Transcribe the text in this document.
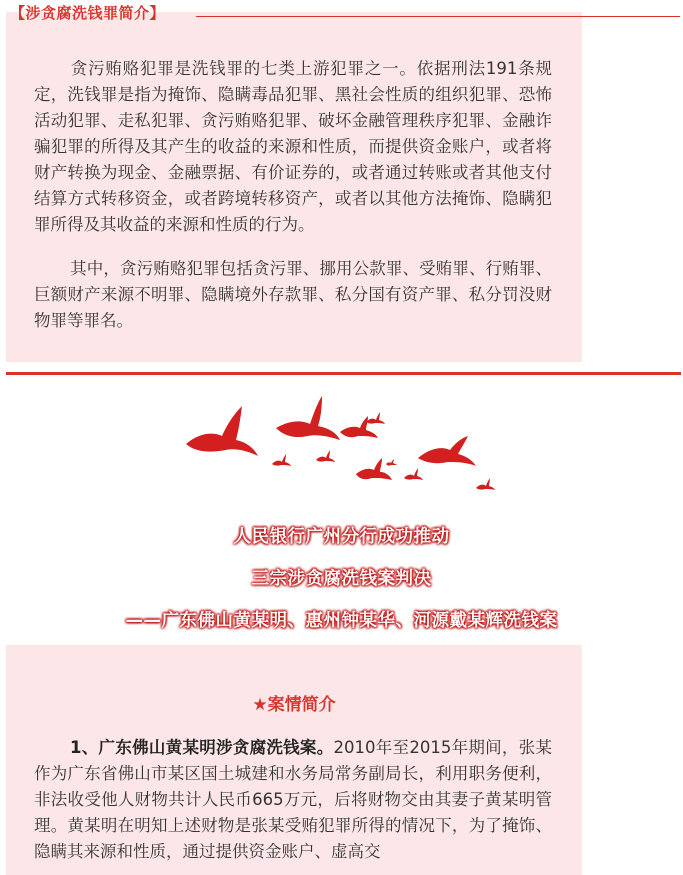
【涉贪腐洗钱罪简介】

贪污贿赂犯罪是洗钱罪的七类上游犯罪之一。依据刑法191条规定，洗钱罪是指为掩饰、隐瞒毒品犯罪、黑社会性质的组织犯罪、恐怖活动犯罪、走私犯罪、贪污贿赂犯罪、破坏金融管理秩序犯罪、金融诈骗犯罪的所得及其产生的收益的来源和性质，而提供资金账户，或者将财产转换为现金、金融票据、有价证券的，或者通过转账或者其他支付结算方式转移资金，或者跨境转移资产，或者以其他方法掩饰、隐瞒犯罪所得及其收益的来源和性质的行为。

其中，贪污贿赂犯罪包括贪污罪、挪用公款罪、受贿罪、行贿罪、巨额财产来源不明罪、隐瞒境外存款罪、私分国有资产罪、私分罚没财物罪等罪名。

人民银行广州分行成功推动
三宗涉贪腐洗钱案判决
——广东佛山黄某明、惠州钟某华、河源戴某辉洗钱案
★案情简介

1、广东佛山黄某明涉贪腐洗钱案。2010年至2015年期间，张某作为广东省佛山市某区国土城建和水务局常务副局长，利用职务便利，非法收受他人财物共计人民币665万元，后将财物交由其妻子黄某明管理。黄某明在明知上述财物是张某受贿犯罪所得的情况下，为了掩饰、隐瞒其来源和性质，通过提供资金账户、虚高交
